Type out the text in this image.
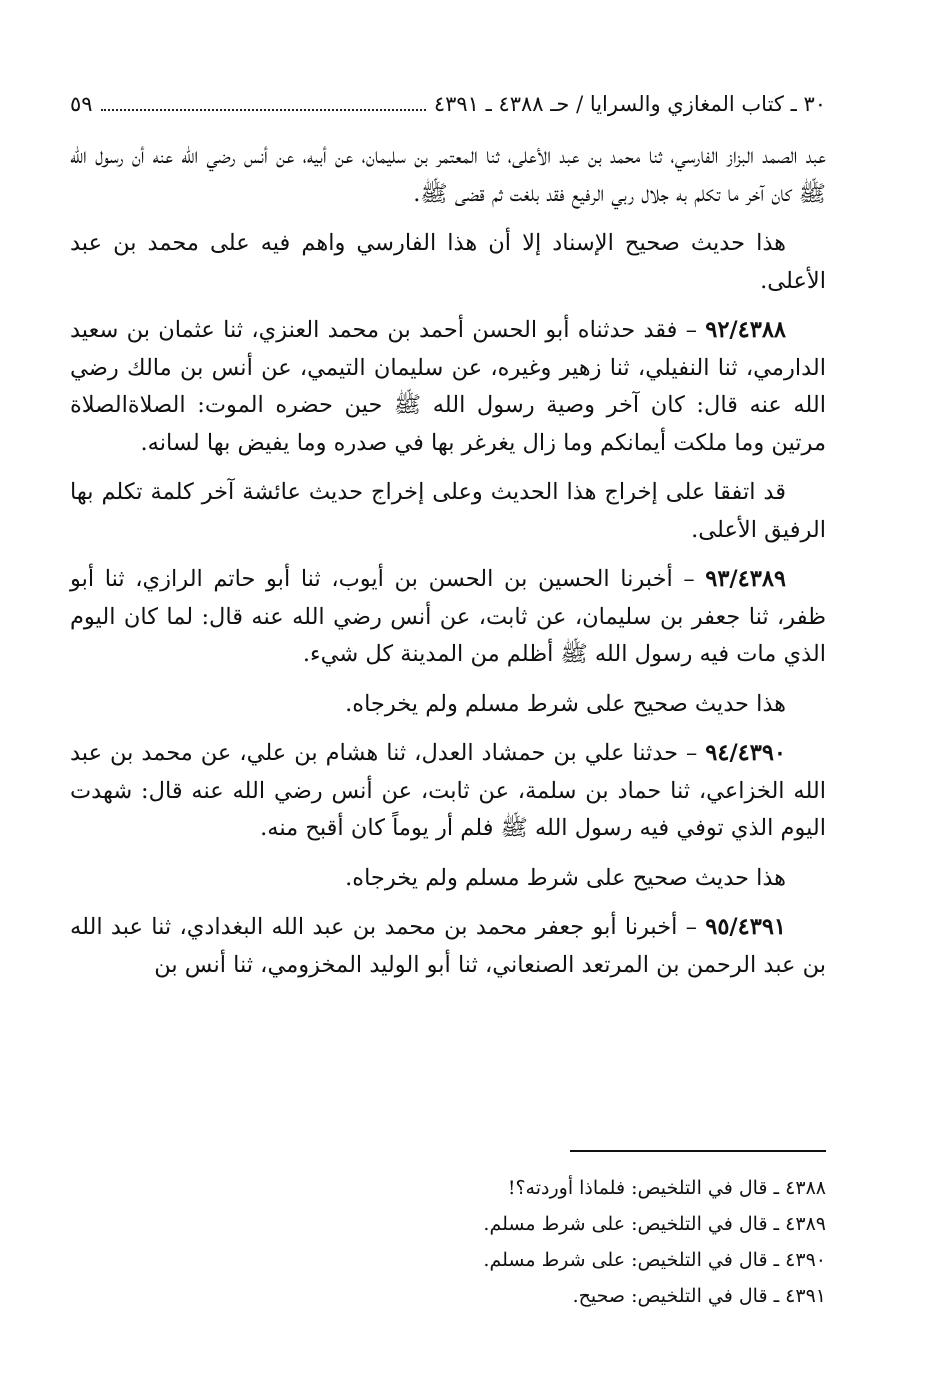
٣٠ ـ كتاب المغازي والسرايا / حـ ٤٣٨٨ ـ ٤٣٩١
٥٩

عبد الصمد البزاز الفارسي، ثنا محمد بن عبد الأعلى، ثنا المعتمر بن سليمان، عن أبيه، عن أنس رضي الله عنه أن رسول الله ﷺ كان آخر ما تكلم به جلال ربي الرفيع فقد بلغت ثم قضى ﷺ.

هذا حديث صحيح الإسناد إلا أن هذا الفارسي واهم فيه على محمد بن عبد الأعلى.

٩٢/٤٣٨٨ – فقد حدثناه أبو الحسن أحمد بن محمد العنزي، ثنا عثمان بن سعيد الدارمي، ثنا النفيلي، ثنا زهير وغيره، عن سليمان التيمي، عن أنس بن مالك رضي الله عنه قال: كان آخر وصية رسول الله ﷺ حين حضره الموت: الصلاةالصلاة مرتين وما ملكت أيمانكم وما زال يغرغر بها في صدره وما يفيض بها لسانه.

قد اتفقا على إخراج هذا الحديث وعلى إخراج حديث عائشة آخر كلمة تكلم بها الرفيق الأعلى.

٩٣/٤٣٨٩ – أخبرنا الحسين بن الحسن بن أيوب، ثنا أبو حاتم الرازي، ثنا أبو ظفر، ثنا جعفر بن سليمان، عن ثابت، عن أنس رضي الله عنه قال: لما كان اليوم الذي مات فيه رسول الله ﷺ أظلم من المدينة كل شيء.

هذا حديث صحيح على شرط مسلم ولم يخرجاه.

٩٤/٤٣٩٠ – حدثنا علي بن حمشاد العدل، ثنا هشام بن علي، عن محمد بن عبد الله الخزاعي، ثنا حماد بن سلمة، عن ثابت، عن أنس رضي الله عنه قال: شهدت اليوم الذي توفي فيه رسول الله ﷺ فلم أر يوماً كان أقبح منه.

هذا حديث صحيح على شرط مسلم ولم يخرجاه.

٩٥/٤٣٩١ – أخبرنا أبو جعفر محمد بن محمد بن عبد الله البغدادي، ثنا عبد الله بن عبد الرحمن بن المرتعد الصنعاني، ثنا أبو الوليد المخزومي، ثنا أنس بن

٤٣٨٨ ـ قال في التلخيص: فلماذا أوردته؟!
٤٣٨٩ ـ قال في التلخيص: على شرط مسلم.
٤٣٩٠ ـ قال في التلخيص: على شرط مسلم.
٤٣٩١ ـ قال في التلخيص: صحيح.
